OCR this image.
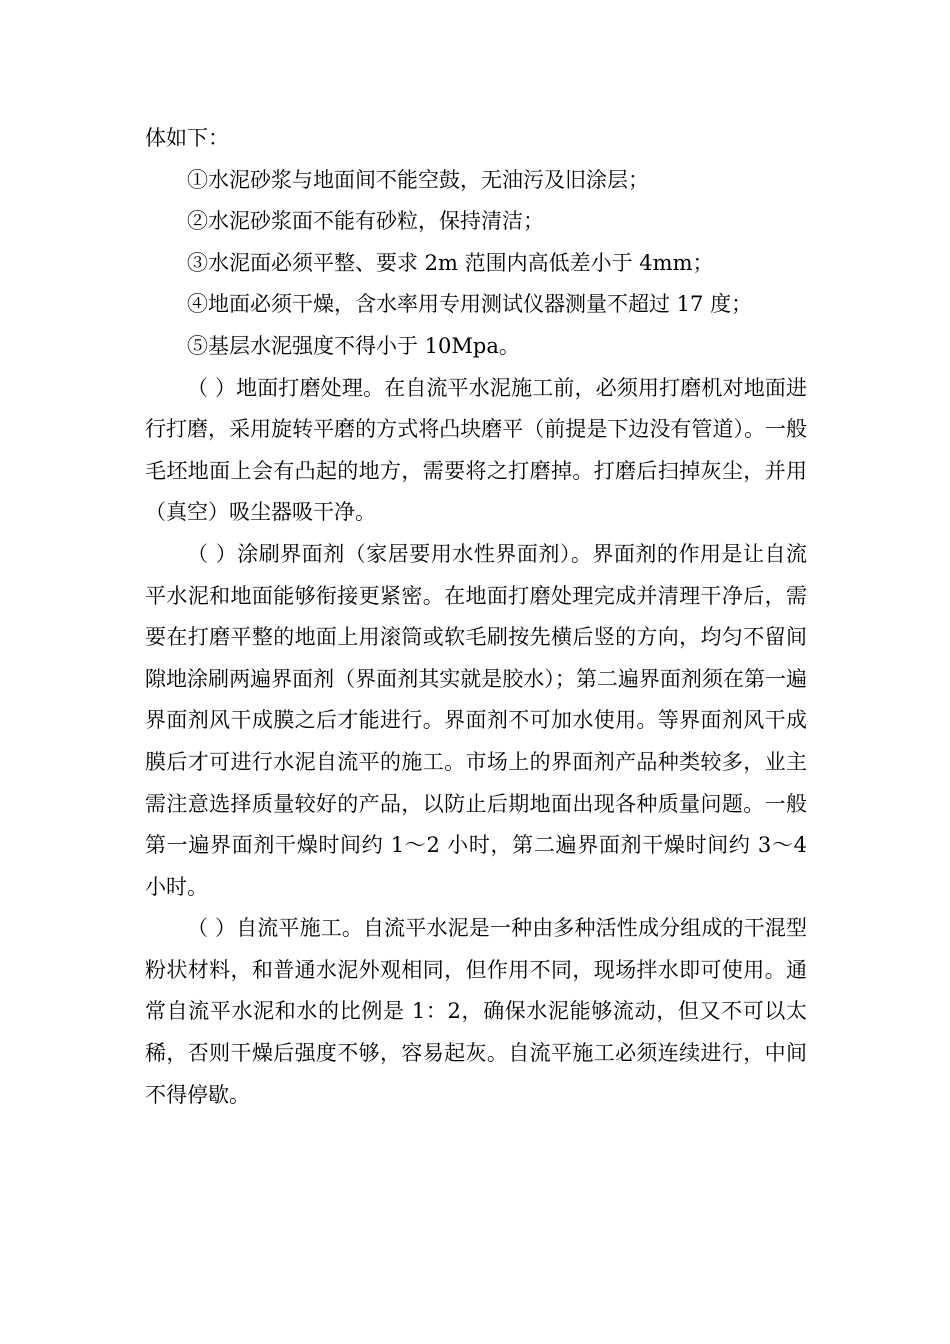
体如下：

①水泥砂浆与地面间不能空鼓，无油污及旧涂层；

②水泥砂浆面不能有砂粒，保持清洁；

③水泥面必须平整、要求 2m 范围内高低差小于 4mm；

④地面必须干燥，含水率用专用测试仪器测量不超过 17 度；

⑤基层水泥强度不得小于 10Mpa。

（ ）地面打磨处理。在自流平水泥施工前，必须用打磨机对地面进行打磨，采用旋转平磨的方式将凸块磨平（前提是下边没有管道）。一般毛坯地面上会有凸起的地方，需要将之打磨掉。打磨后扫掉灰尘，并用（真空）吸尘器吸干净。

（ ）涂刷界面剂（家居要用水性界面剂）。界面剂的作用是让自流平水泥和地面能够衔接更紧密。在地面打磨处理完成并清理干净后，需要在打磨平整的地面上用滚筒或软毛刷按先横后竖的方向，均匀不留间隙地涂刷两遍界面剂（界面剂其实就是胶水）；第二遍界面剂须在第一遍界面剂风干成膜之后才能进行。界面剂不可加水使用。等界面剂风干成膜后才可进行水泥自流平的施工。市场上的界面剂产品种类较多，业主需注意选择质量较好的产品，以防止后期地面出现各种质量问题。一般第一遍界面剂干燥时间约 1～2 小时，第二遍界面剂干燥时间约 3～4 小时。

（ ）自流平施工。自流平水泥是一种由多种活性成分组成的干混型粉状材料，和普通水泥外观相同，但作用不同，现场拌水即可使用。通常自流平水泥和水的比例是 1：2，确保水泥能够流动，但又不可以太稀，否则干燥后强度不够，容易起灰。自流平施工必须连续进行，中间不得停歇。
